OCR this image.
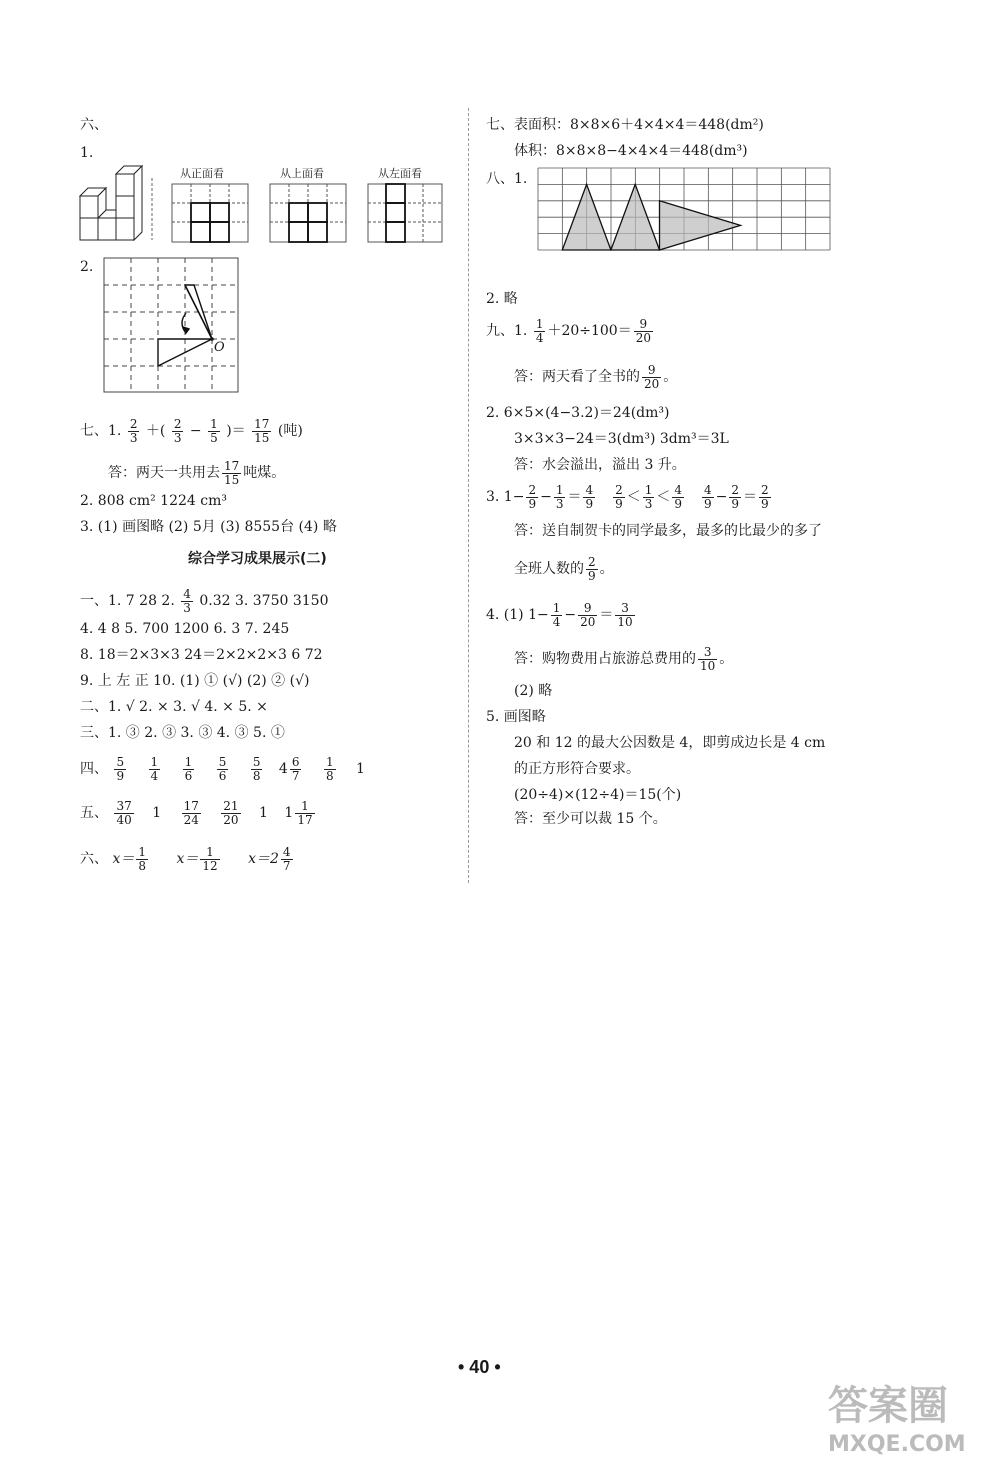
六、
1.
从正面看	从上面看	从左面看
2.
O
七、1. $\frac{2}{3}$ ＋( $\frac{2}{3} - \frac{1}{5}$ )＝ $\frac{17}{15}$ (吨)
答：两天一共用去 $\frac{17}{15}$ 吨煤。
2. 808 cm² 1224 cm³
3. (1) 画图略 (2) 5月 (3) 8555台 (4) 略
综合学习成果展示(二)
一、1. 7 28 2. $\frac{4}{3} 0.32$ 3. 3750 3150
4. 4 8 5. 700 1200 6. 3 7. 245
8. 18＝2×3×3 24＝2×2×2×3 6 72
9. 上 左 正 10. (1) ① (√) (2) ② (√)
二、1. √ 2. × 3. √ 4. × 5. ×
三、1. ③ 2. ③ 3. ③ 4. ③ 5. ①
四、 $\frac{5}{9}$
$\frac{1}{4}$
$\frac{1}{6}$
$\frac{5}{6}$
$\frac{5}{8} 4 \frac{6}{7}$
$\frac{1}{8} 1$
五、 $\frac{37}{40} 1 \frac{17}{24}$
$\frac{21}{20} 1$ $1 \frac{1}{17}$
六、 $x= \frac{1}{8} x= \frac{1}{12} x=2 \frac{4}{7}$
七、表面积：8×8×6＋4×4×4＝448(dm²)
体积：8×8×8−4×4×4＝448(dm³)
八、1.
2. 略
九、1. $\frac{1}{4} +20\div 100= \frac{9}{20}$
答：两天看了全书的 $\frac{9}{20}$ 。
2. 6×5×(4−3.2)＝24(dm³)
3×3×3−24＝3(dm³) 3dm³＝3L
答：水会溢出，溢出 3 升。
3. $1- \frac{2}{9} - \frac{1}{3} = \frac{4}{9} \frac{2}{9} < \frac{1}{3} < \frac{4}{9} \frac{4}{9} - \frac{2}{9} = \frac{2}{9}$
答：送自制贺卡的同学最多，最多的比最少的多了
全班人数的 $\frac{2}{9}$ 。
4. (1) $1- \frac{1}{4} - \frac{9}{20} = \frac{3}{10}$
答：购物费用占旅游总费用的 $\frac{3}{10}$ 。
(2) 略
5. 画图略
20 和 12 的最大公因数是 4，即剪成边长是 4 cm
的正方形符合要求。
(20÷4)×(12÷4)＝15(个)
答：至少可以裁 15 个。
• 40 •
答案圈
MXQE.COM
